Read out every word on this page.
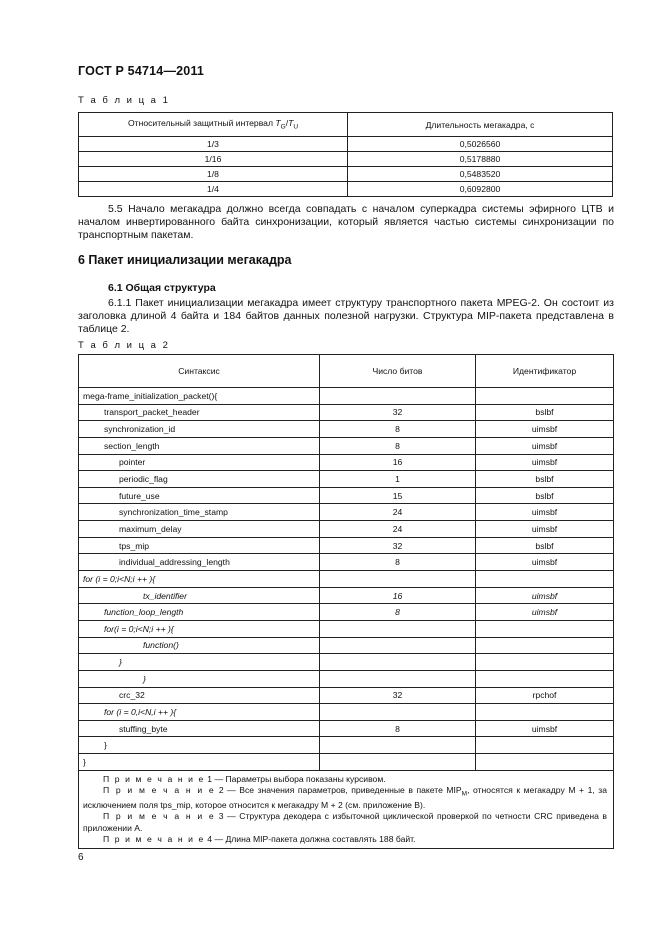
ГОСТ Р 54714—2011
Т а б л и ц а 1
Относительный защитный интервал $T_G/T_U$	Длительность мегакадра, с
1/3	0,5026560
1/16	0,5178880
1/8	0,5483520
1/4	0,6092800
5.5 Начало мегакадра должно всегда совпадать с началом суперкадра системы эфирного ЦТВ и началом инвертированного байта синхронизации, который является частью системы синхронизации по транспортным пакетам.
6 Пакет инициализации мегакадра
6.1 Общая структура
6.1.1 Пакет инициализации мегакадра имеет структуру транспортного пакета MPEG-2. Он состоит из заголовка длиной 4 байта и 184 байтов данных полезной нагрузки. Структура MIP-пакета представлена в таблице 2.
Т а б л и ц а 2
Синтаксис	Число битов	Идентификатор
mega-frame_initialization_packet(){		
transport_packet_header	32	bslbf
synchronization_id	8	uimsbf
section_length	8	uimsbf
pointer	16	uimsbf
periodic_flag	1	bslbf
future_use	15	bslbf
synchronization_time_stamp	24	uimsbf
maximum_delay	24	uimsbf
tps_mip	32	bslbf
individual_addressing_length	8	uimsbf
for (i = 0;i<N;i ++ ){		
tx_identifier	16	uimsbf
function_loop_length	8	uimsbf
for(i = 0;i<N;i ++ ){		
function()		
}		
}		
crc_32	32	rpchof
for (i = 0,i<N,i ++ ){		
stuffing_byte	8	uimsbf
}		
}		

П р и м е ч а н и е 1 — Параметры выбора показаны курсивом.
П р и м е ч а н и е 2 — Все значения параметров, приведенные в пакете $MIP_M$, относятся к мегакадру М + 1, за исключением поля tps_mip, которое относится к мегакадру М + 2 (см. приложение В).
П р и м е ч а н и е 3 — Структура декодера с избыточной циклической проверкой по четности CRC приведена в приложении А.
П р и м е ч а н и е 4 — Длина MIP-пакета должна составлять 188 байт.		
6
